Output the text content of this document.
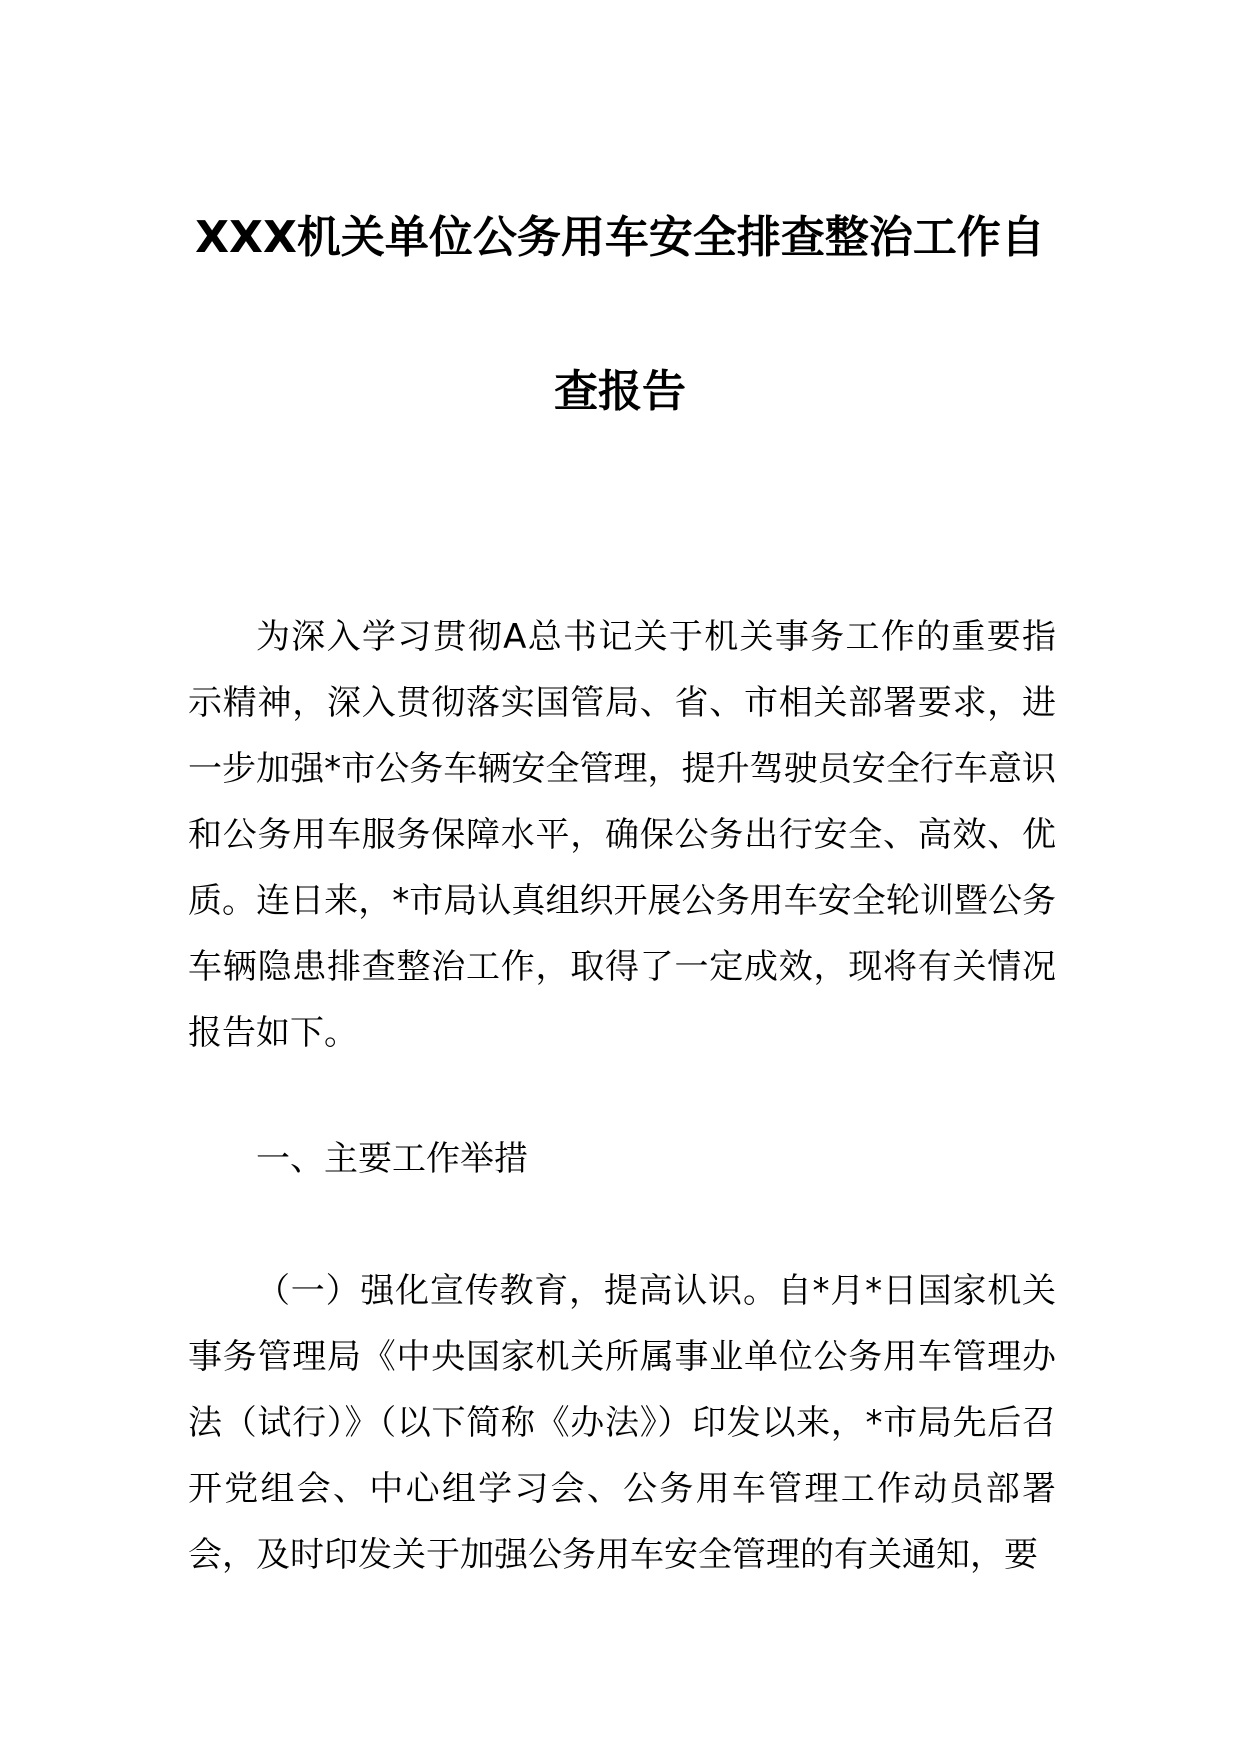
XXX机关单位公务用车安全排查整治工作自
查报告

为深入学习贯彻A总书记关于机关事务工作的重要指示精神，深入贯彻落实国管局、省、市相关部署要求，进一步加强*市公务车辆安全管理，提升驾驶员安全行车意识和公务用车服务保障水平，确保公务出行安全、高效、优质。连日来，*市局认真组织开展公务用车安全轮训暨公务车辆隐患排查整治工作，取得了一定成效，现将有关情况报告如下。

一、主要工作举措

（一）强化宣传教育，提高认识。自*月*日国家机关事务管理局《中央国家机关所属事业单位公务用车管理办法（试行）》（以下简称《办法》）印发以来，*市局先后召开党组会、中心组学习会、公务用车管理工作动员部署会，及时印发关于加强公务用车安全管理的有关通知，要
